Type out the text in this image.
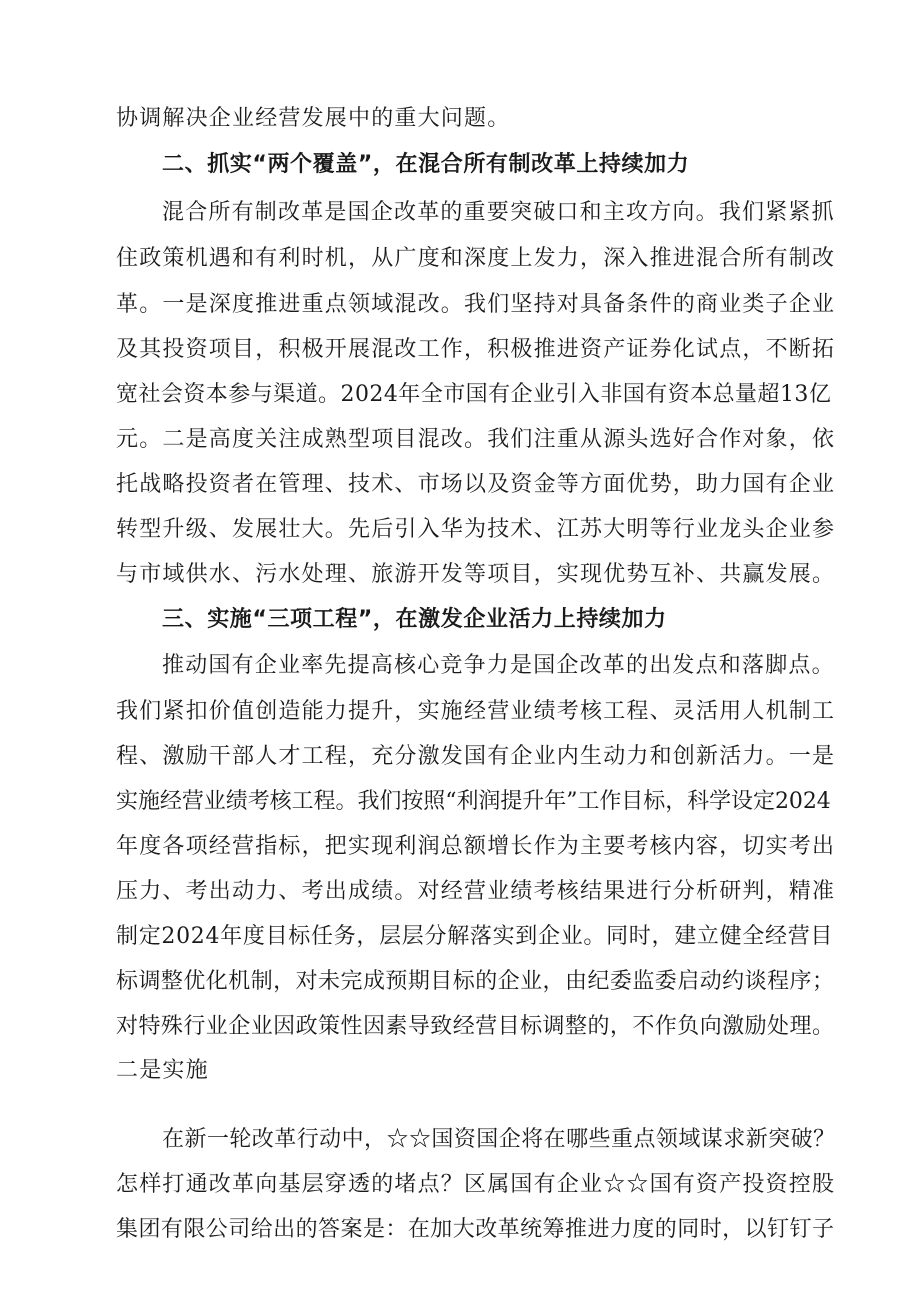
协调解决企业经营发展中的重大问题。
二、抓实“两个覆盖”，在混合所有制改革上持续加力
混合所有制改革是国企改革的重要突破口和主攻方向。我们紧紧抓
住政策机遇和有利时机，从广度和深度上发力，深入推进混合所有制改
革。一是深度推进重点领域混改。我们坚持对具备条件的商业类子企业
及其投资项目，积极开展混改工作，积极推进资产证券化试点，不断拓
宽社会资本参与渠道。2024年全市国有企业引入非国有资本总量超13亿
元。二是高度关注成熟型项目混改。我们注重从源头选好合作对象，依
托战略投资者在管理、技术、市场以及资金等方面优势，助力国有企业
转型升级、发展壮大。先后引入华为技术、江苏大明等行业龙头企业参
与市域供水、污水处理、旅游开发等项目，实现优势互补、共赢发展。
三、实施“三项工程”，在激发企业活力上持续加力
推动国有企业率先提高核心竞争力是国企改革的出发点和落脚点。
我们紧扣价值创造能力提升，实施经营业绩考核工程、灵活用人机制工
程、激励干部人才工程，充分激发国有企业内生动力和创新活力。一是
实施经营业绩考核工程。我们按照“利润提升年”工作目标，科学设定2024
年度各项经营指标，把实现利润总额增长作为主要考核内容，切实考出
压力、考出动力、考出成绩。对经营业绩考核结果进行分析研判，精准
制定2024年度目标任务，层层分解落实到企业。同时，建立健全经营目
标调整优化机制，对未完成预期目标的企业，由纪委监委启动约谈程序；
对特殊行业企业因政策性因素导致经营目标调整的，不作负向激励处理。
二是实施
在新一轮改革行动中，☆☆国资国企将在哪些重点领域谋求新突破？
怎样打通改革向基层穿透的堵点？区属国有企业☆☆国有资产投资控股
集团有限公司给出的答案是：在加大改革统筹推进力度的同时，以钉钉子
